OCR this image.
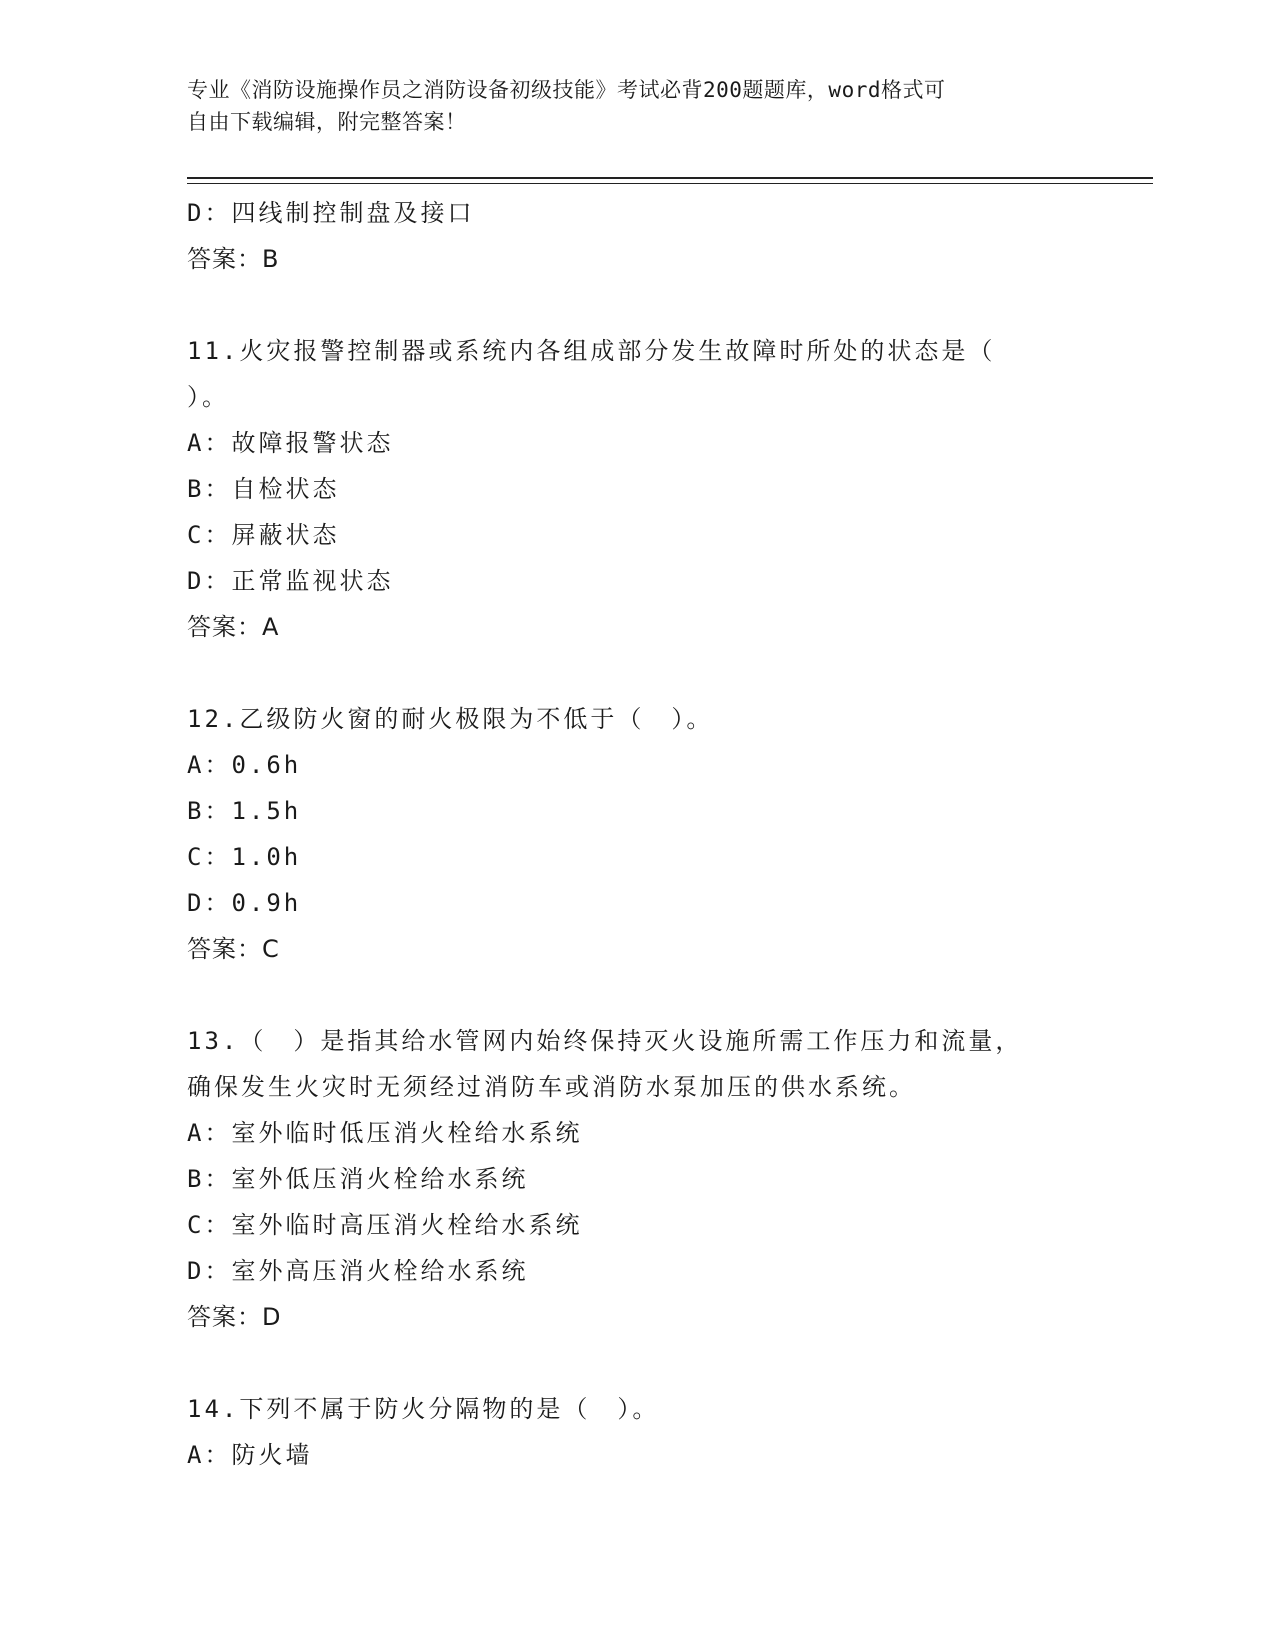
专业《消防设施操作员之消防设备初级技能》考试必背200题题库，word格式可
自由下载编辑，附完整答案！
D：四线制控制盘及接口
答案：B
11.火灾报警控制器或系统内各组成部分发生故障时所处的状态是（
）。
A：故障报警状态
B：自检状态
C：屏蔽状态
D：正常监视状态
答案：A
12.乙级防火窗的耐火极限为不低于（　）。
A：0.6h
B：1.5h
C：1.0h
D：0.9h
答案：C
13.（　）是指其给水管网内始终保持灭火设施所需工作压力和流量，
确保发生火灾时无须经过消防车或消防水泵加压的供水系统。
A：室外临时低压消火栓给水系统
B：室外低压消火栓给水系统
C：室外临时高压消火栓给水系统
D：室外高压消火栓给水系统
答案：D
14.下列不属于防火分隔物的是（　）。
A：防火墙
